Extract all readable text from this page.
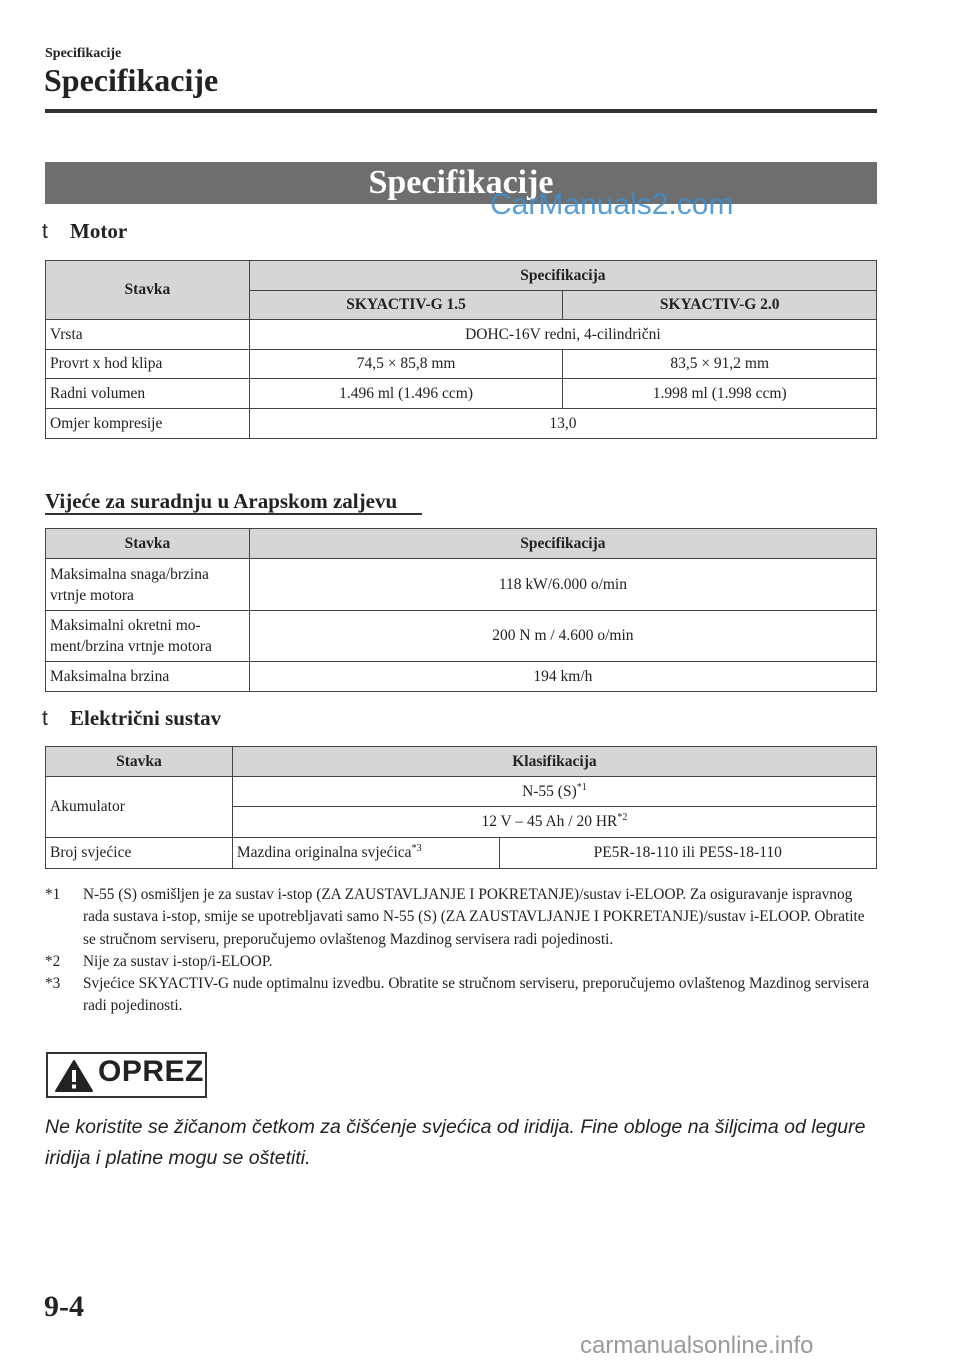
Specifikacije
Specifikacije
Specifikacije
CarManuals2.com
t Motor
Stavka	Specifikacija	
	SKYACTIV-G 1.5	SKYACTIV-G 2.0
Vrsta	DOHC-16V redni, 4-cilindrični	
Provrt x hod klipa	74,5 × 85,8 mm	83,5 × 91,2 mm
Radni volumen	1.496 ml (1.496 ccm)	1.998 ml (1.998 ccm)
Omjer kompresije	13,0	
Vijeće za suradnju u Arapskom zaljevu
Stavka	Specifikacija
Maksimalna snaga/brzina
vrtnje motora	118 kW/6.000 o/min
Maksimalni okretni mo-
ment/brzina vrtnje motora	200 N m / 4.600 o/min
Maksimalna brzina	194 km/h
t Električni sustav
Stavka	Klasifikacija	
Akumulator	N-55 $(S)^{*1}$
	12 V – 45 Ah / 20 HR$^{*2}$
Broj svjećice	Mazdina originalna svjećica$^{*3}$	PE5R-18-110 ili PE5S-18-110
*1 N-55 (S) osmišljen je za sustav i-stop (ZA ZAUSTAVLJANJE I POKRETANJE)/sustav i-ELOOP. Za osiguravanje ispravnog rada sustava i-stop, smije se upotrebljavati samo N-55 (S) (ZA ZAUSTAVLJANJE I POKRETANJE)/sustav i-ELOOP. Obratite se stručnom serviseru, preporučujemo ovlaštenog Mazdinog servisera radi pojedinosti.
*2 Nije za sustav i-stop/i-ELOOP.
*3 Svjećice SKYACTIV-G nude optimalnu izvedbu. Obratite se stručnom serviseru, preporučujemo ovlaštenog Mazdinog servisera radi pojedinosti.
OPREZ
Ne koristite se žičanom četkom za čišćenje svjećica od iridija. Fine obloge na šiljcima od legure iridija i platine mogu se oštetiti.
9-4
carmanualsonline.info
